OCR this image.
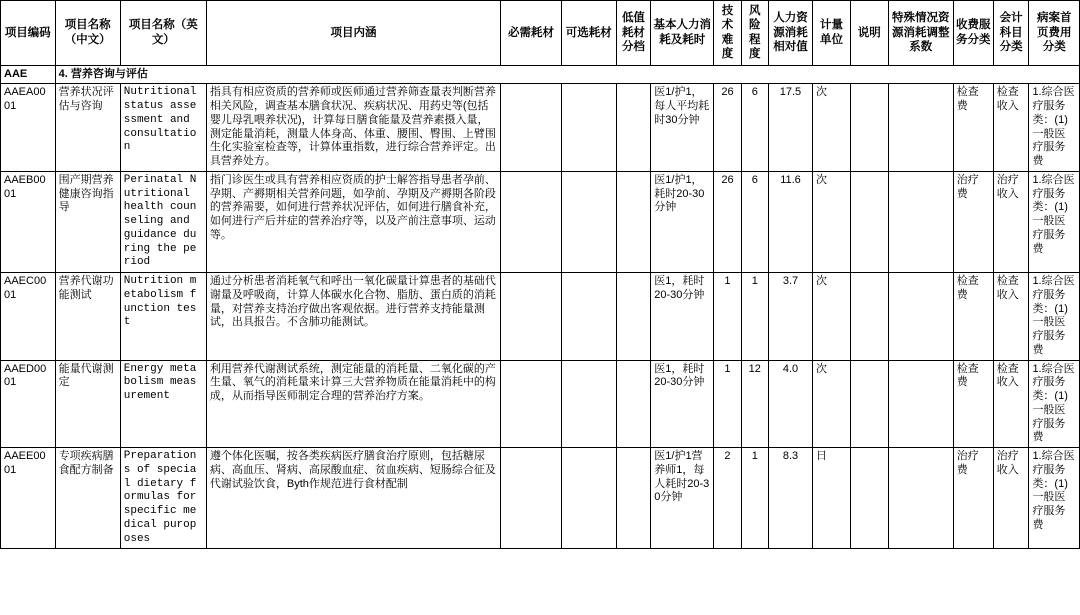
项目编码	项目名称（中文）	项目名称（英文）	项目内涵	必需耗材	可选耗材	低值耗材分档	基本人力消耗及耗时	技术难度	风险程度	人力资源消耗相对值	计量单位	说明	特殊情况资源消耗调整系数	收费服务分类	会计科目分类	病案首页费用分类
AAE	4. 营养咨询与评估															
AAEA0001	营养状况评估与咨询	Nutritional status assessment and consultation	指具有相应资质的营养师或医师通过营养筛查量表判断营养相关风险，调查基本膳食状况、疾病状况、用药史等(包括婴儿母乳喂养状况)，计算每日膳食能量及营养素摄入量，测定能量消耗，测量人体身高、体重、腰围、臀围、上臂围生化实验室检查等，计算体重指数，进行综合营养评定。出具营养处方。				医1/护1，每人平均耗时30分钟	26	6	17.5	次			检查费	检查收入	1.综合医疗服务类：(1)一般医疗服务费
AAEB0001	围产期营养健康咨询指导	Perinatal Nutritional health counseling and guidance during the period	指门诊医生或具有营养相应资质的护士解答指导患者孕前、孕期、产褥期相关营养问题，如孕前、孕期及产褥期各阶段的营养需要，如何进行营养状况评估，如何进行膳食补充，如何进行产后并症的营养治疗等，以及产前注意事项、运动等。				医1/护1，耗时20-30分钟	26	6	11.6	次			治疗费	治疗收入	1.综合医疗服务类：(1)一般医疗服务费
AAEC0001	营养代谢功能测试	Nutrition metabolism function test	通过分析患者消耗氧气和呼出一氧化碳量计算患者的基础代谢量及呼吸商，计算人体碳水化合物、脂肪、蛋白质的消耗量，对营养支持治疗做出客观依据。进行营养支持能量测试，出具报告。不含肺功能测试。				医1，耗时20-30分钟	1	1	3.7	次			检查费	检查收入	1.综合医疗服务类：(1)一般医疗服务费
AAED0001	能量代谢测定	Energy metabolism measurement	利用营养代谢测试系统，测定能量的消耗量、二氧化碳的产生量、氧气的消耗量来计算三大营养物质在能量消耗中的构成，从而指导医师制定合理的营养治疗方案。				医1，耗时20-30分钟	1	12	4.0	次			检查费	检查收入	1.综合医疗服务类：(1)一般医疗服务费
AAEE0001	专项疾病膳食配方制备	Preparations of special dietary formulas for specific medical puroposes	遵个体化医嘱，按各类疾病医疗膳食治疗原则，包括糖尿病、高血压、肾病、高尿酸血症、贫血疾病、短肠综合征及代谢试验饮食，Byth作规范进行食材配制				医1/护1营养师1，每人耗时20-30分钟	2	1	8.3	日			治疗费	治疗收入	1.综合医疗服务类：(1)一般医疗服务费
